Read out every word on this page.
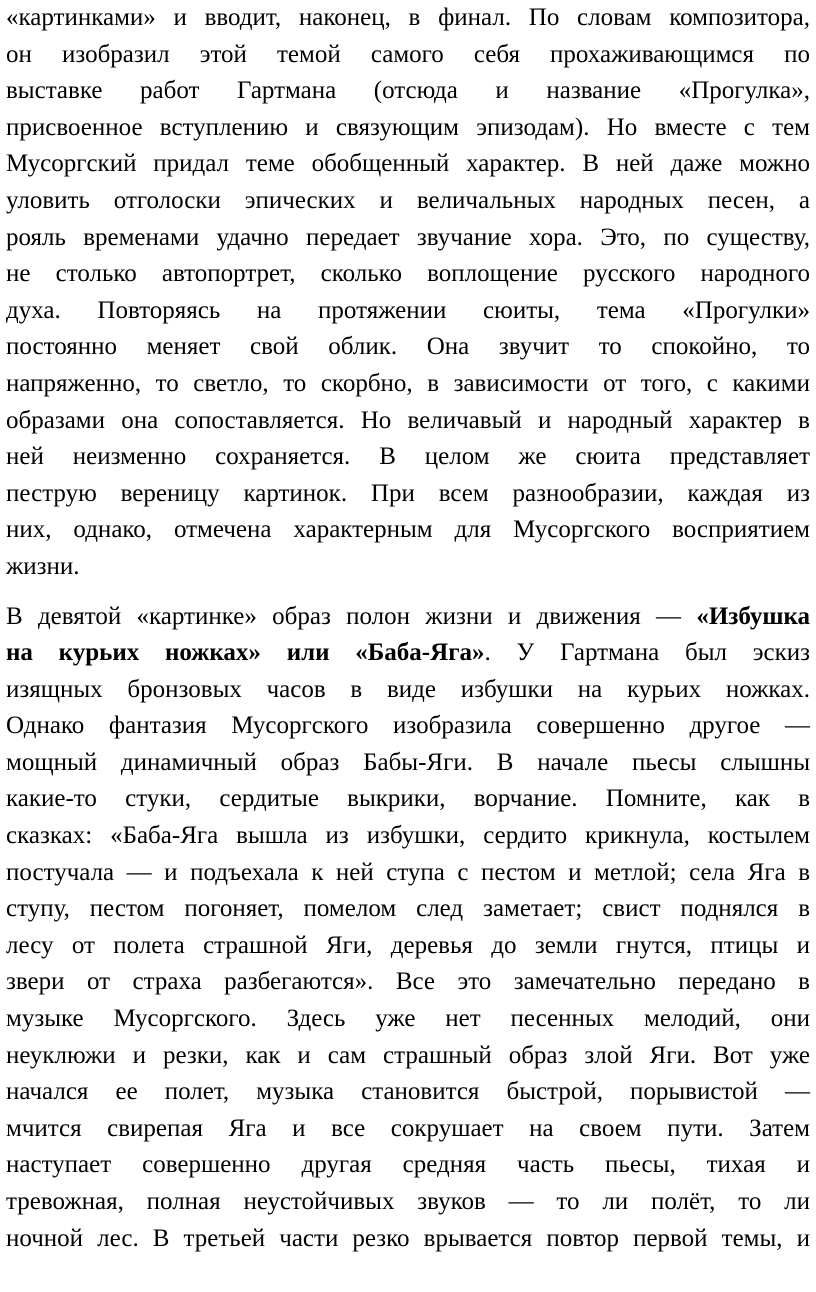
«картинками» и вводит, наконец, в финал. По словам композитора,
он изобразил этой темой самого себя прохаживающимся по
выставке работ Гартмана (отсюда и название «Прогулка»,
присвоенное вступлению и связующим эпизодам). Но вместе с тем
Мусоргский придал теме обобщенный характер. В ней даже можно
уловить отголоски эпических и величальных народных песен, а
рояль временами удачно передает звучание хора. Это, по существу,
не столько автопортрет, сколько воплощение русского народного
духа. Повторяясь на протяжении сюиты, тема «Прогулки»
постоянно меняет свой облик. Она звучит то спокойно, то
напряженно, то светло, то скорбно, в зависимости от того, с какими
образами она сопоставляется. Но величавый и народный характер в
ней неизменно сохраняется. В целом же сюита представляет
пеструю вереницу картинок. При всем разнообразии, каждая из
них, однако, отмечена характерным для Мусоргского восприятием
жизни.

В девятой «картинке» образ полон жизни и движения — «Избушка
на курьих ножках» или «Баба-Яга». У Гартмана был эскиз
изящных бронзовых часов в виде избушки на курьих ножках.
Однако фантазия Мусоргского изобразила совершенно другое —
мощный динамичный образ Бабы-Яги. В начале пьесы слышны
какие-то стуки, сердитые выкрики, ворчание. Помните, как в
сказках: «Баба-Яга вышла из избушки, сердито крикнула, костылем
постучала — и подъехала к ней ступа с пестом и метлой; села Яга в
ступу, пестом погоняет, помелом след заметает; свист поднялся в
лесу от полета страшной Яги, деревья до земли гнутся, птицы и
звери от страха разбегаются». Все это замечательно передано в
музыке Мусоргского. Здесь уже нет песенных мелодий, они
неуклюжи и резки, как и сам страшный образ злой Яги. Вот уже
начался ее полет, музыка становится быстрой, порывистой —
мчится свирепая Яга и все сокрушает на своем пути. Затем
наступает совершенно другая средняя часть пьесы, тихая и
тревожная, полная неустойчивых звуков — то ли полёт, то ли
ночной лес. В третьей части резко врывается повтор первой темы, и
